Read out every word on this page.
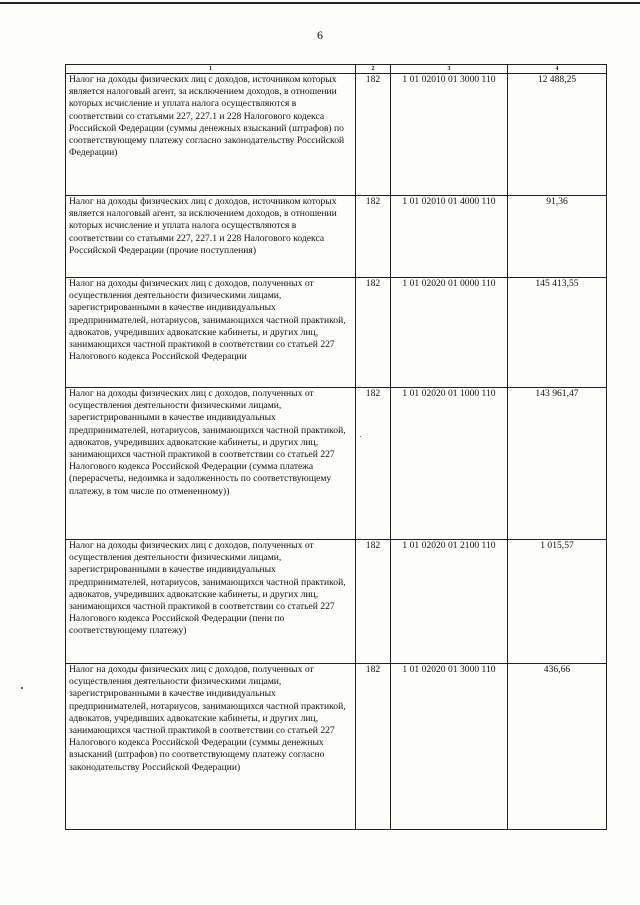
6
1	2	3	4
Налог на доходы физических лиц с доходов, источником которых является налоговый агент, за исключением доходов, в отношении которых исчисление и уплата налога осуществляются в соответствии со статьями 227, 227.1 и 228 Налогового кодекса Российской Федерации (суммы денежных взысканий (штрафов) по соответствующему платежу согласно законодательству Российской Федерации)	182	1 01 02010 01 3000 110	12 488,25
Налог на доходы физических лиц с доходов, источником которых является налоговый агент, за исключением доходов, в отношении которых исчисление и уплата налога осуществляются в соответствии со статьями 227, 227.1 и 228 Налогового кодекса Российской Федерации (прочие поступления)	182	1 01 02010 01 4000 110	91,36
Налог на доходы физических лиц с доходов, полученных от осуществления деятельности физическими лицами, зарегистрированными в качестве индивидуальных предпринимателей, нотариусов, занимающихся частной практикой, адвокатов, учредивших адвокатские кабинеты, и других лиц, занимающихся частной практикой в соответствии со статьей 227 Налогового кодекса Российской Федерации	182	1 01 02020 01 0000 110	145 413,55
Налог на доходы физических лиц с доходов, полученных от осуществления деятельности физическими лицами, зарегистрированными в качестве индивидуальных предпринимателей, нотариусов, занимающихся частной практикой, адвокатов, учредивших адвокатские кабинеты, и других лиц, занимающихся частной практикой в соответствии со статьей 227 Налогового кодекса Российской Федерации (сумма платежа (перерасчеты, недоимка и задолженность по соответствующему платежу, в том числе по отмененному))	182	1 01 02020 01 1000 110	143 961,47
Налог на доходы физических лиц с доходов, полученных от осуществления деятельности физическими лицами, зарегистрированными в качестве индивидуальных предпринимателей, нотариусов, занимающихся частной практикой, адвокатов, учредивших адвокатские кабинеты, и других лиц, занимающихся частной практикой в соответствии со статьей 227 Налогового кодекса Российской Федерации (пени по соответствующему платежу)	182	1 01 02020 01 2100 110	1 015,57
Налог на доходы физических лиц с доходов, полученных от осуществления деятельности физическими лицами, зарегистрированными в качестве индивидуальных предпринимателей, нотариусов, занимающихся частной практикой, адвокатов, учредивших адвокатские кабинеты, и других лиц, занимающихся частной практикой в соответствии со статьей 227 Налогового кодекса Российской Федерации (суммы денежных взысканий (штрафов) по соответствующему платежу согласно законодательству Российской Федерации)	182	1 01 02020 01 3000 110	436,66
